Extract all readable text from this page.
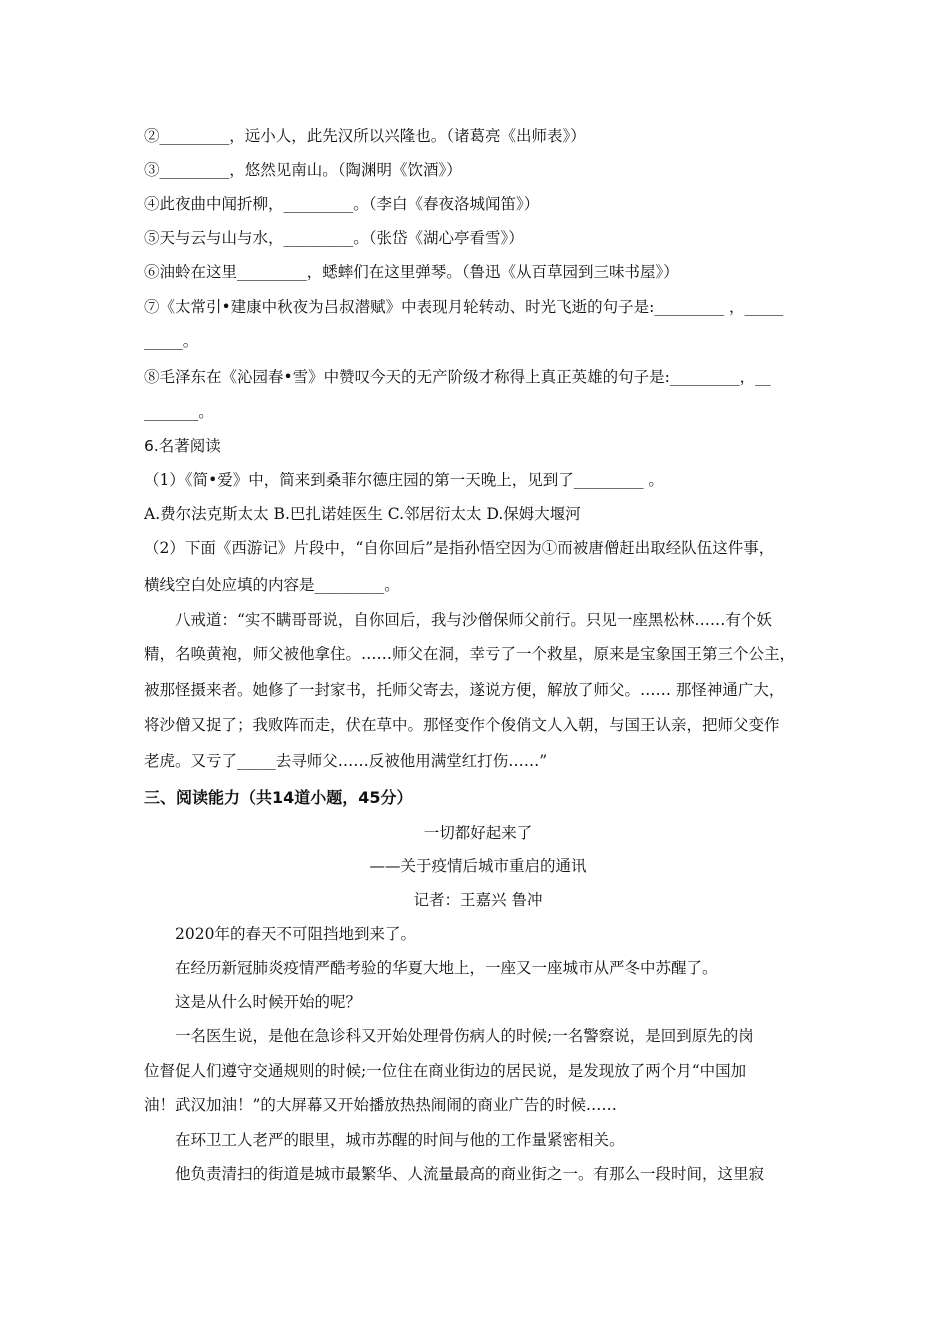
②_________，远小人，此先汉所以兴隆也。（诸葛亮《出师表》）
③_________，悠然见南山。（陶渊明《饮酒》）
④此夜曲中闻折柳，_________。（李白《春夜洛城闻笛》）
⑤天与云与山与水，_________。（张岱《湖心亭看雪》）
⑥油蛉在这里_________，蟋蟀们在这里弹琴。（鲁迅《从百草园到三味书屋》）
⑦《太常引•建康中秋夜为吕叔潜赋》中表现月轮转动、时光飞逝的句子是:_________ ，_____
_____。
⑧毛泽东在《沁园春•雪》中赞叹今天的无产阶级才称得上真正英雄的句子是:_________，__
_______。
6.名著阅读
（1）《简•爱》中，简来到桑菲尔德庄园的第一天晚上，见到了_________ 。
A.费尔法克斯太太 B.巴扎诺娃医生 C.邻居衍太太 D.保姆大堰河
（2）下面《西游记》片段中，“自你回后”是指孙悟空因为①而被唐僧赶出取经队伍这件事，
横线空白处应填的内容是_________。
八戒道：“实不瞒哥哥说，自你回后，我与沙僧保师父前行。只见一座黑松林……有个妖
精，名唤黄袍，师父被他拿住。……师父在洞，幸亏了一个救星，原来是宝象国王第三个公主，
被那怪摄来者。她修了一封家书，托师父寄去，遂说方便，解放了师父。…… 那怪神通广大，
将沙僧又捉了；我败阵而走，伏在草中。那怪变作个俊俏文人入朝，与国王认亲，把师父变作
老虎。又亏了_____去寻师父……反被他用满堂红打伤……”
三、阅读能力（共14道小题，45分）
一切都好起来了
——关于疫情后城市重启的通讯
记者：王嘉兴 鲁冲
2020年的春天不可阻挡地到来了。
在经历新冠肺炎疫情严酷考验的华夏大地上，一座又一座城市从严冬中苏醒了。
这是从什么时候开始的呢？
一名医生说，是他在急诊科又开始处理骨伤病人的时候;一名警察说，是回到原先的岗
位督促人们遵守交通规则的时候;一位住在商业街边的居民说，是发现放了两个月“中国加
油！武汉加油！”的大屏幕又开始播放热热闹闹的商业广告的时候……
在环卫工人老严的眼里，城市苏醒的时间与他的工作量紧密相关。
他负责清扫的街道是城市最繁华、人流量最高的商业街之一。有那么一段时间，这里寂
